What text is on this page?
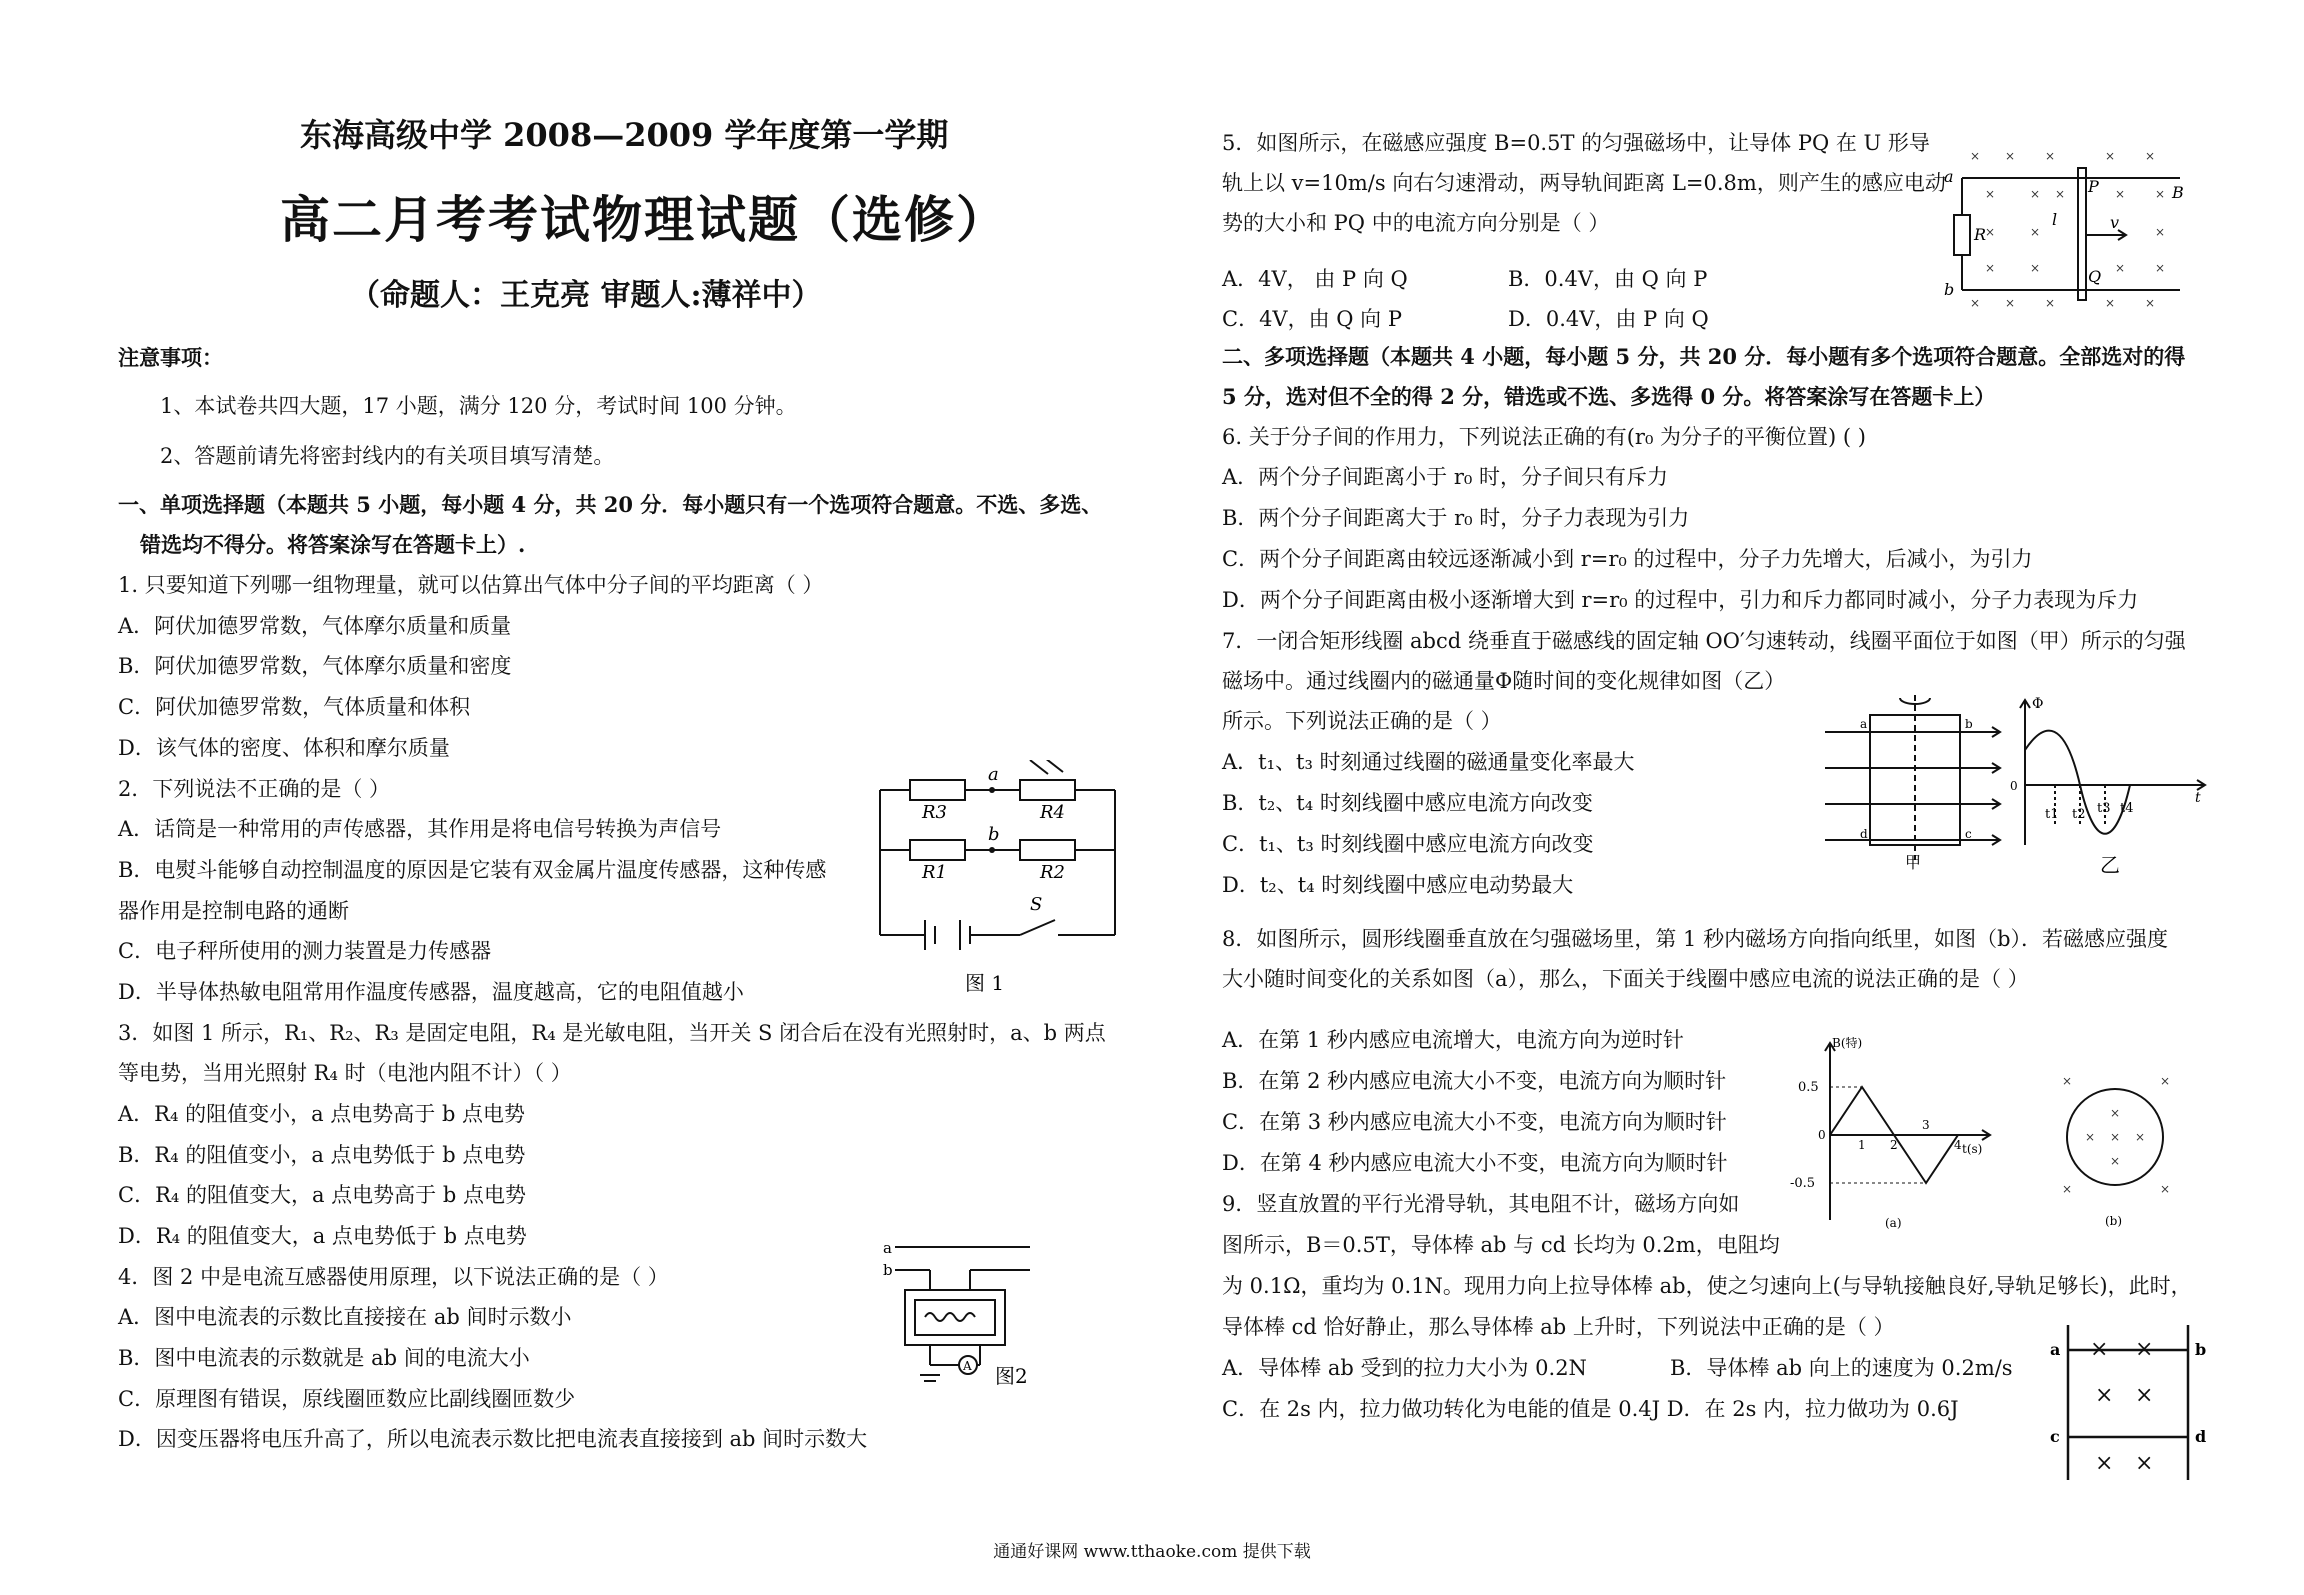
东海高级中学 2008—2009 学年度第一学期
高二月考考试物理试题（选修）
（命题人：王克亮 审题人:薄祥中）
注意事项：
1、本试卷共四大题，17 小题，满分 120 分，考试时间 100 分钟。
2、答题前请先将密封线内的有关项目填写清楚。
一、单项选择题（本题共 5 小题，每小题 4 分，共 20 分．每小题只有一个选项符合题意。不选、多选、
错选均不得分。将答案涂写在答题卡上）.
1. 只要知道下列哪一组物理量，就可以估算出气体中分子间的平均距离（ ）
A．阿伏加德罗常数，气体摩尔质量和质量
B．阿伏加德罗常数，气体摩尔质量和密度
C．阿伏加德罗常数，气体质量和体积
D．该气体的密度、体积和摩尔质量
2．下列说法不正确的是（ ）
A．话筒是一种常用的声传感器，其作用是将电信号转换为声信号
B．电熨斗能够自动控制温度的原因是它装有双金属片温度传感器，这种传感
器作用是控制电路的通断
C．电子秤所使用的测力装置是力传感器
D．半导体热敏电阻常用作温度传感器，温度越高，它的电阻值越小
3．如图 1 所示，R₁、R₂、R₃ 是固定电阻，R₄ 是光敏电阻，当开关 S 闭合后在没有光照射时，a、b 两点
等电势，当用光照射 R₄ 时（电池内阻不计）（ ）
A．R₄ 的阻值变小，a 点电势高于 b 点电势
B．R₄ 的阻值变小，a 点电势低于 b 点电势
C．R₄ 的阻值变大，a 点电势高于 b 点电势
D．R₄ 的阻值变大，a 点电势低于 b 点电势
4．图 2 中是电流互感器使用原理，以下说法正确的是（ ）
A．图中电流表的示数比直接接在 ab 间时示数小
B．图中电流表的示数就是 ab 间的电流大小
C．原理图有错误，原线圈匝数应比副线圈匝数少
D．因变压器将电压升高了，所以电流表示数比把电流表直接接到 ab 间时示数大
R3	R4
R1	R2
a
b
S
图 1
a
b
A 图2
5．如图所示，在磁感应强度 B=0.5T 的匀强磁场中，让导体 PQ 在 U 形导
轨上以 v=10m/s 向右匀速滑动，两导轨间距离 L=0.8m，则产生的感应电动
势的大小和 PQ 中的电流方向分别是（ ）
A．4V， 由 P 向 Q	B．0.4V，由 Q 向 P
C．4V，由 Q 向 P	D．0.4V，由 P 向 Q
× × ×	× ×
×	× ×	× ×
×	×	×
×	×	× ×
× × ×	× ×
a
b
R
l
P
Q
v
B
二、多项选择题（本题共 4 小题，每小题 5 分，共 20 分．每小题有多个选项符合题意。全部选对的得
5 分，选对但不全的得 2 分，错选或不选、多选得 0 分。将答案涂写在答题卡上）
6. 关于分子间的作用力，下列说法正确的有(r₀ 为分子的平衡位置) ( )
A．两个分子间距离小于 r₀ 时，分子间只有斥力
B．两个分子间距离大于 r₀ 时，分子力表现为引力
C．两个分子间距离由较远逐渐减小到 r=r₀ 的过程中，分子力先增大，后减小，为引力
D．两个分子间距离由极小逐渐增大到 r=r₀ 的过程中，引力和斥力都同时减小，分子力表现为斥力
7．一闭合矩形线圈 abcd 绕垂直于磁感线的固定轴 OO′匀速转动，线圈平面位于如图（甲）所示的匀强
磁场中。通过线圈内的磁通量Φ随时间的变化规律如图（乙）
所示。下列说法正确的是（ ）
A．t₁、t₃ 时刻通过线圈的磁通量变化率最大
B．t₂、t₄ 时刻线圈中感应电流方向改变
C．t₁、t₃ 时刻线圈中感应电流方向改变
D．t₂、t₄ 时刻线圈中感应电动势最大
a	b
c
d
甲
Φ
t
0
t1 t2 t3 t4
乙
8．如图所示，圆形线圈垂直放在匀强磁场里，第 1 秒内磁场方向指向纸里，如图（b）．若磁感应强度
大小随时间变化的关系如图（a），那么，下面关于线圈中感应电流的说法正确的是（ ）
A．在第 1 秒内感应电流增大，电流方向为逆时针
B．在第 2 秒内感应电流大小不变，电流方向为顺时针
C．在第 3 秒内感应电流大小不变，电流方向为顺时针
D．在第 4 秒内感应电流大小不变，电流方向为顺时针
B(特)
t(s)
0.5
-0.5
0
1 2
3
4
(a)
×	×
×
× × ×
×
×	×
(b)
9．竖直放置的平行光滑导轨，其电阻不计，磁场方向如
图所示，B＝0.5T，导体棒 ab 与 cd 长均为 0.2m，电阻均
为 0.1Ω，重均为 0.1N。现用力向上拉导体棒 ab，使之匀速向上(与导轨接触良好,导轨足够长)，此时，
导体棒 cd 恰好静止，那么导体棒 ab 上升时，下列说法中正确的是（ ）
A．导体棒 ab 受到的拉力大小为 0.2N	B．导体棒 ab 向上的速度为 0.2m/s
C．在 2s 内，拉力做功转化为电能的值是 0.4J D．在 2s 内，拉力做功为 0.6J
× ×
× ×
× ×
a	b
c	d
通通好课网 www.tthaoke.com 提供下载
